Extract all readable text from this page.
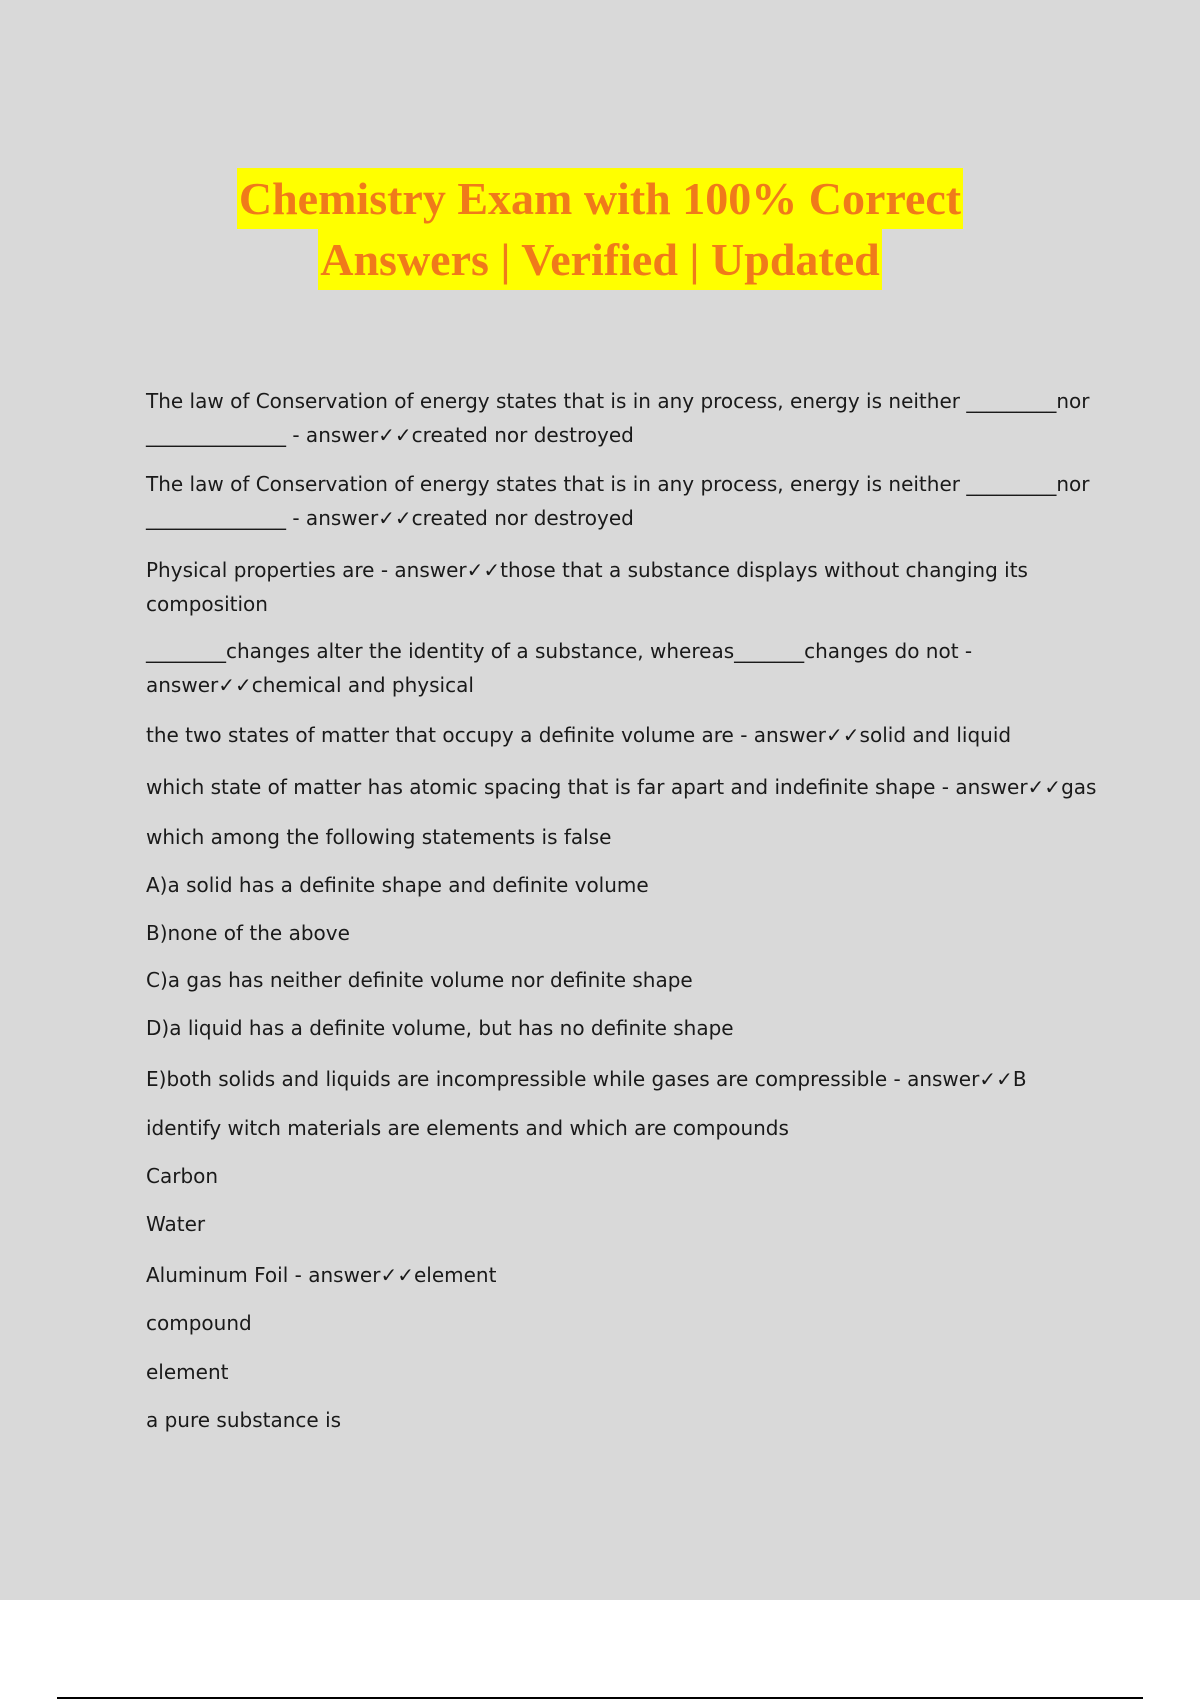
Chemistry Exam with 100% Correct
Answers | Verified | Updated
The law of Conservation of energy states that is in any process, energy is neither _________ nor
______________ - answer✓✓created nor destroyed
The law of Conservation of energy states that is in any process, energy is neither _________ nor
______________ - answer✓✓created nor destroyed
Physical properties are - answer✓✓those that a substance displays without changing its
composition
________changes alter the identity of a substance, whereas_______changes do not -
answer✓✓chemical and physical
the two states of matter that occupy a definite volume are - answer✓✓solid and liquid
which state of matter has atomic spacing that is far apart and indefinite shape - answer✓✓gas
which among the following statements is false
A)a solid has a definite shape and definite volume
B)none of the above
C)a gas has neither definite volume nor definite shape
D)a liquid has a definite volume, but has no definite shape
E)both solids and liquids are incompressible while gases are compressible - answer✓✓B
identify witch materials are elements and which are compounds
Carbon
Water
Aluminum Foil - answer✓✓element
compound
element
a pure substance is
